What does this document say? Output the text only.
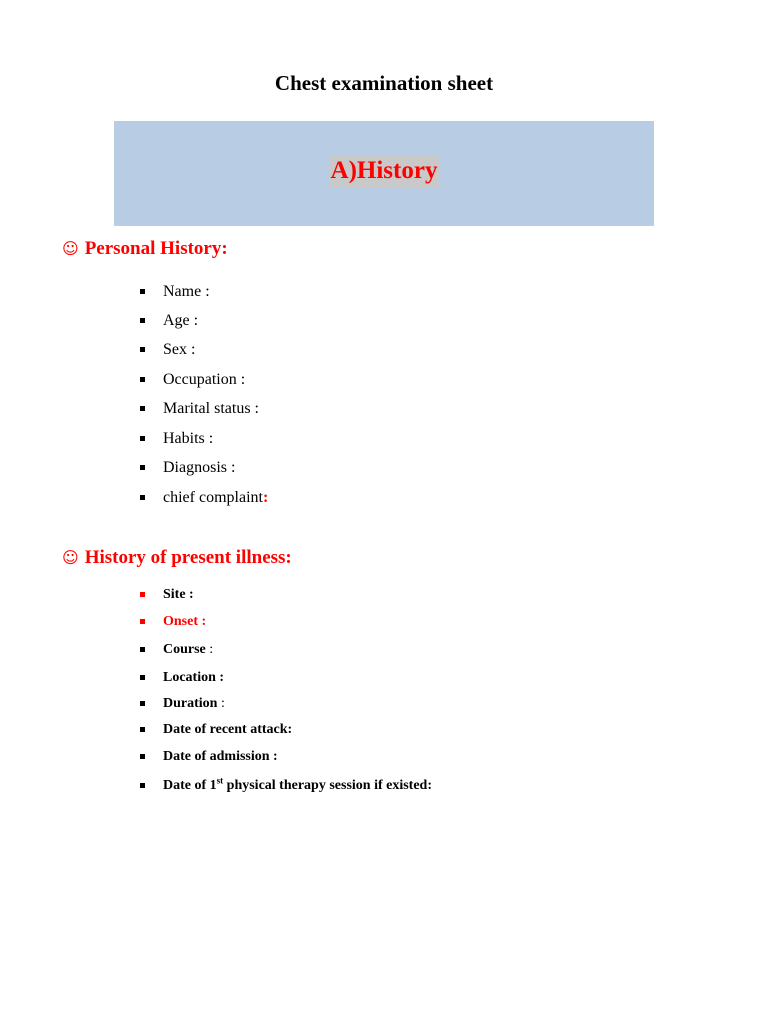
Chest examination sheet
A)History
☺ Personal History:
Name :
Age :
Sex :
Occupation :
Marital status :
Habits :
Diagnosis :
chief complaint:
☺ History of present illness:
Site :
Onset :
Course :
Location :
Duration :
Date of recent attack:
Date of admission :
Date of 1st physical therapy session if existed:
